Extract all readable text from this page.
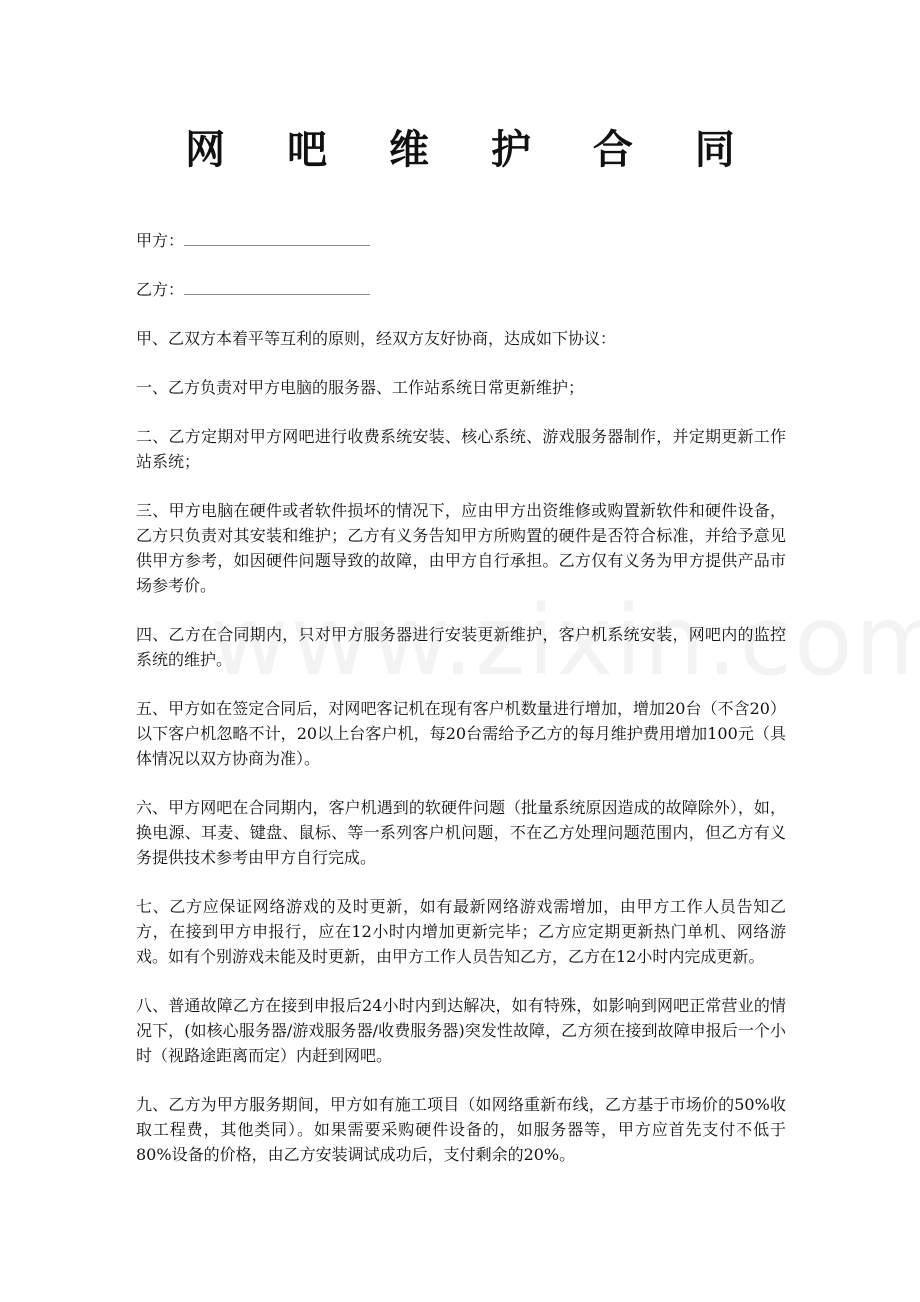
网 吧 维 护 合 同
甲方：
乙方：

甲、乙双方本着平等互利的原则，经双方友好协商，达成如下协议：

一、乙方负责对甲方电脑的服务器、工作站系统日常更新维护；

二、乙方定期对甲方网吧进行收费系统安装、核心系统、游戏服务器制作，并定期更新工作站系统；

三、甲方电脑在硬件或者软件损坏的情况下，应由甲方出资维修或购置新软件和硬件设备，乙方只负责对其安装和维护；乙方有义务告知甲方所购置的硬件是否符合标准，并给予意见供甲方参考，如因硬件问题导致的故障，由甲方自行承担。乙方仅有义务为甲方提供产品市场参考价。

四、乙方在合同期内，只对甲方服务器进行安装更新维护，客户机系统安装，网吧内的监控系统的维护。

五、甲方如在签定合同后，对网吧客记机在现有客户机数量进行增加，增加20台（不含20）以下客户机忽略不计，20以上台客户机，每20台需给予乙方的每月维护费用增加100元（具体情况以双方协商为准）。

六、甲方网吧在合同期内，客户机遇到的软硬件问题（批量系统原因造成的故障除外），如，换电源、耳麦、键盘、鼠标、等一系列客户机问题，不在乙方处理问题范围内，但乙方有义务提供技术参考由甲方自行完成。

七、乙方应保证网络游戏的及时更新，如有最新网络游戏需增加，由甲方工作人员告知乙方，在接到甲方申报行，应在12小时内增加更新完毕；乙方应定期更新热门单机、网络游戏。如有个别游戏未能及时更新，由甲方工作人员告知乙方，乙方在12小时内完成更新。

八、普通故障乙方在接到申报后24小时内到达解决，如有特殊，如影响到网吧正常营业的情况下，(如核心服务器/游戏服务器/收费服务器)突发性故障，乙方须在接到故障申报后一个小时（视路途距离而定）内赶到网吧。

九、乙方为甲方服务期间，甲方如有施工项目（如网络重新布线，乙方基于市场价的50%收取工程费，其他类同）。如果需要采购硬件设备的，如服务器等，甲方应首先支付不低于80%设备的价格，由乙方安装调试成功后，支付剩余的20%。
